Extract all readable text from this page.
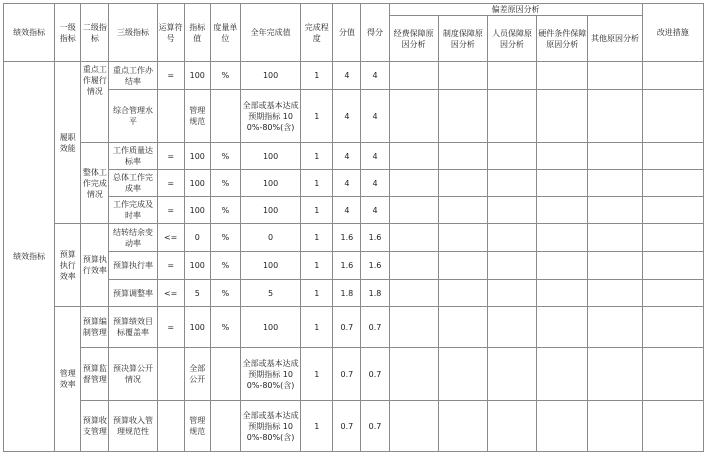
绩效指标	一级指标	二级指标	三级指标	运算符号	指标值	度量单位	全年完成值	完成程度	分值	得分	偏差原因分析					改进措施
											经费保障原因分析	制度保障原因分析	人员保障原因分析	硬件条件保障原因分析	其他原因分析	
绩效指标	履职效能	重点工作履行情况	重点工作办结率	=	100	%	100	1	4	4						
			综合管理水平		管理规范		全部或基本达成预期指标 100%-80%(含)	1	4	4						
		整体工作完成情况	工作质量达标率	=	100	%	100	1	4	4						
			总体工作完成率	=	100	%	100	1	4	4						
			工作完成及时率	=	100	%	100	1	4	4						
	预算执行效率	预算执行效率	结转结余变动率	<=	0	%	0	1	1.6	1.6						
			预算执行率	=	100	%	100	1	1.6	1.6						
			预算调整率	<=	5	%	5	1	1.8	1.8						
	管理效率	预算编制管理	预算绩效目标覆盖率	=	100	%	100	1	0.7	0.7						
		预算监督管理	预决算公开情况		全部公开		全部或基本达成预期指标 100%-80%(含)	1	0.7	0.7						
		预算收支管理	预算收入管理规范性		管理规范		全部或基本达成预期指标 100%-80%(含)	1	0.7	0.7						
